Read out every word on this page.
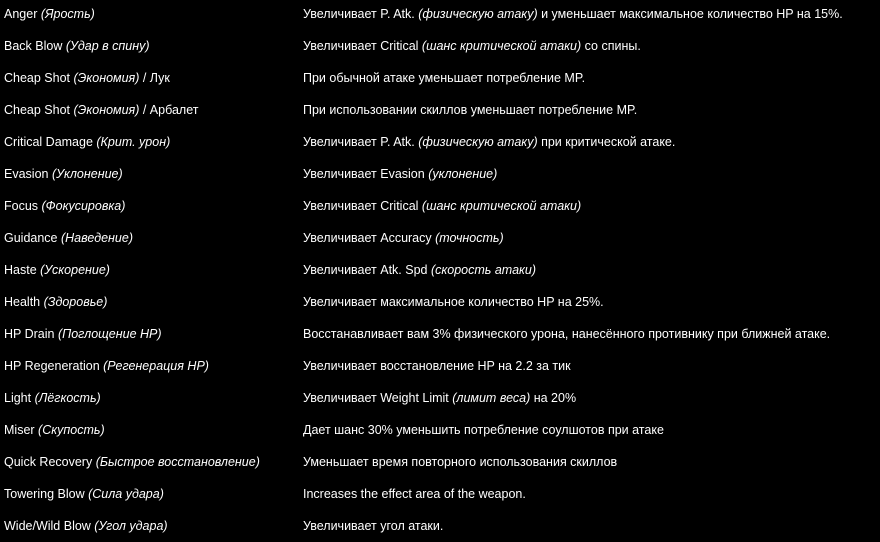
Anger (Ярость)	Увеличивает P. Atk. (физическую атаку) и уменьшает максимальное количество HP на 15%.
Back Blow (Удар в спину)	Увеличивает Critical (шанс критической атаки) со спины.
Cheap Shot (Экономия) / Лук	При обычной атаке уменьшает потребление MP.
Cheap Shot (Экономия) / Арбалет	При использовании скиллов уменьшает потребление MP.
Critical Damage (Крит. урон)	Увеличивает P. Atk. (физическую атаку) при критической атаке.
Evasion (Уклонение)	Увеличивает Evasion (уклонение)
Focus (Фокусировка)	Увеличивает Critical (шанс критической атаки)
Guidance (Наведение)	Увеличивает Accuracy (точность)
Haste (Ускорение)	Увеличивает Atk. Spd (скорость атаки)
Health (Здоровье)	Увеличивает максимальное количество HP на 25%.
HP Drain (Поглощение HP)	Восстанавливает вам 3% физического урона, нанесённого противнику при ближней атаке.
HP Regeneration (Регенерация HP)	Увеличивает восстановление HP на 2.2 за тик
Light (Лёгкость)	Увеличивает Weight Limit (лимит веса) на 20%
Miser (Скупость)	Дает шанс 30% уменьшить потребление соулшотов при атаке
Quick Recovery (Быстрое восстановление)	Уменьшает время повторного использования скиллов
Towering Blow (Сила удара)	Increases the effect area of the weapon.
Wide/Wild Blow (Угол удара)	Увеличивает угол атаки.
